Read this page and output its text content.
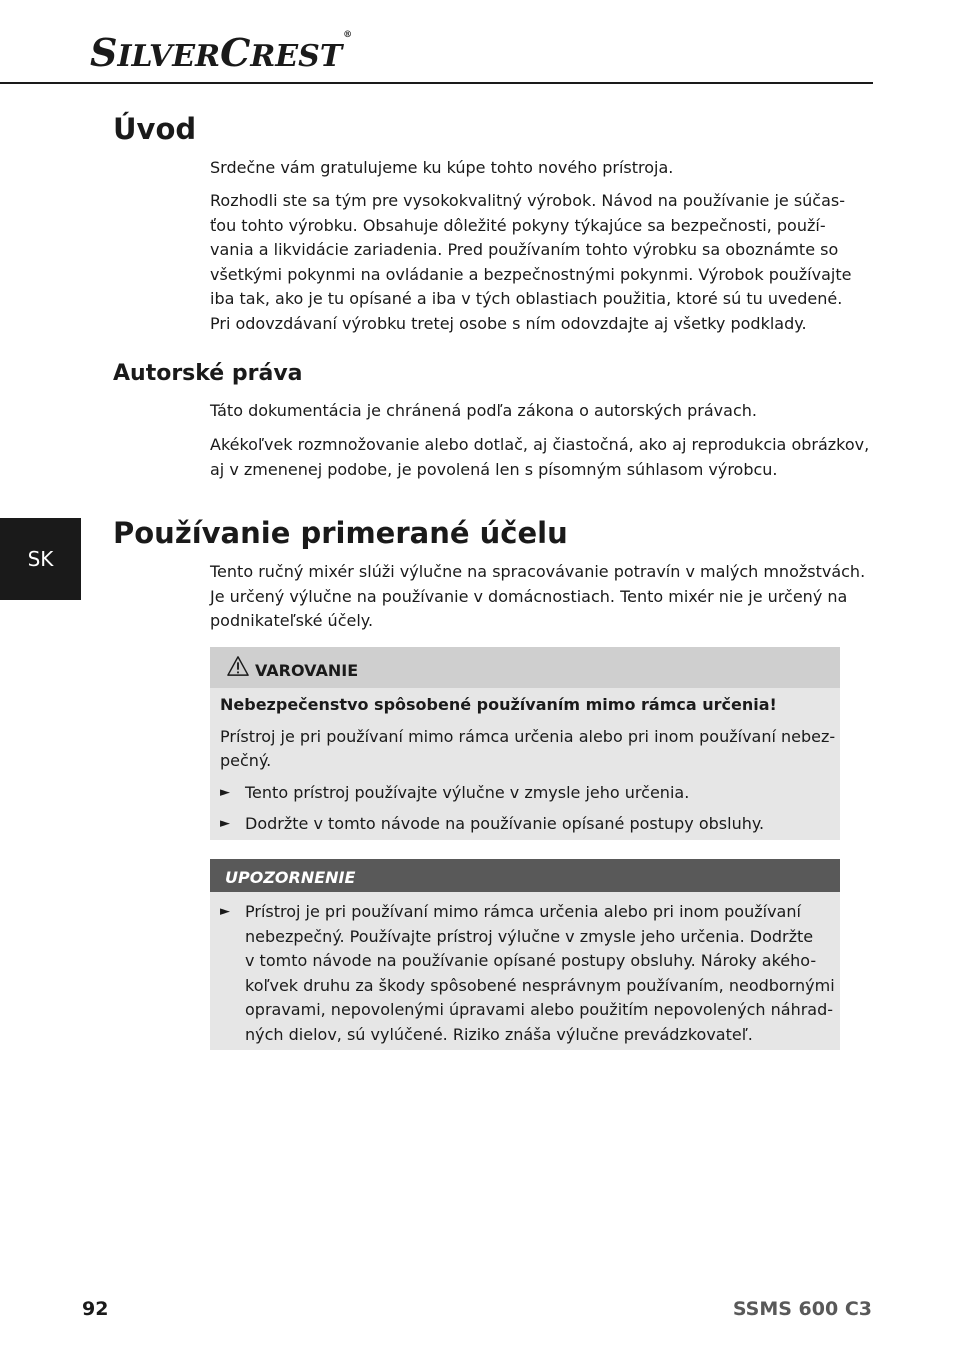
SILVERCREST®
Úvod

Srdečne vám gratulujeme ku kúpe tohto nového prístroja.

Rozhodli ste sa tým pre vysokokvalitný výrobok. Návod na používanie je súčas-
ťou tohto výrobku. Obsahuje dôležité pokyny týkajúce sa bezpečnosti, použí-
vania a likvidácie zariadenia. Pred používaním tohto výrobku sa oboznámte so
všetkými pokynmi na ovládanie a bezpečnostnými pokynmi. Výrobok používajte
iba tak, ako je tu opísané a iba v tých oblastiach použitia, ktoré sú tu uvedené.
Pri odovzdávaní výrobku tretej osobe s ním odovzdajte aj všetky podklady.

Autorské práva

Táto dokumentácia je chránená podľa zákona o autorských právach.

Akékoľvek rozmnožovanie alebo dotlač, aj čiastočná, ako aj reprodukcia obrázkov,
aj v zmenenej podobe, je povolená len s písomným súhlasom výrobcu.

SK
Používanie primerané účelu

Tento ručný mixér slúži výlučne na spracovávanie potravín v malých množstvách.
Je určený výlučne na používanie v domácnostiach. Tento mixér nie je určený na
podnikateľské účely.

VAROVANIE
Nebezpečenstvo spôsobené používaním mimo rámca určenia!
Prístroj je pri používaní mimo rámca určenia alebo pri inom používaní nebez-
pečný.
► Tento prístroj používajte výlučne v zmysle jeho určenia.
► Dodržte v tomto návode na používanie opísané postupy obsluhy.
UPOZORNENIE
► Prístroj je pri používaní mimo rámca určenia alebo pri inom používaní
nebezpečný. Používajte prístroj výlučne v zmysle jeho určenia. Dodržte
v tomto návode na používanie opísané postupy obsluhy. Nároky akého-
koľvek druhu za škody spôsobené nesprávnym používaním, neodbornými
opravami, nepovolenými úpravami alebo použitím nepovolených náhrad-
ných dielov, sú vylúčené. Riziko znáša výlučne prevádzkovateľ.
92	SSMS 600 C3
